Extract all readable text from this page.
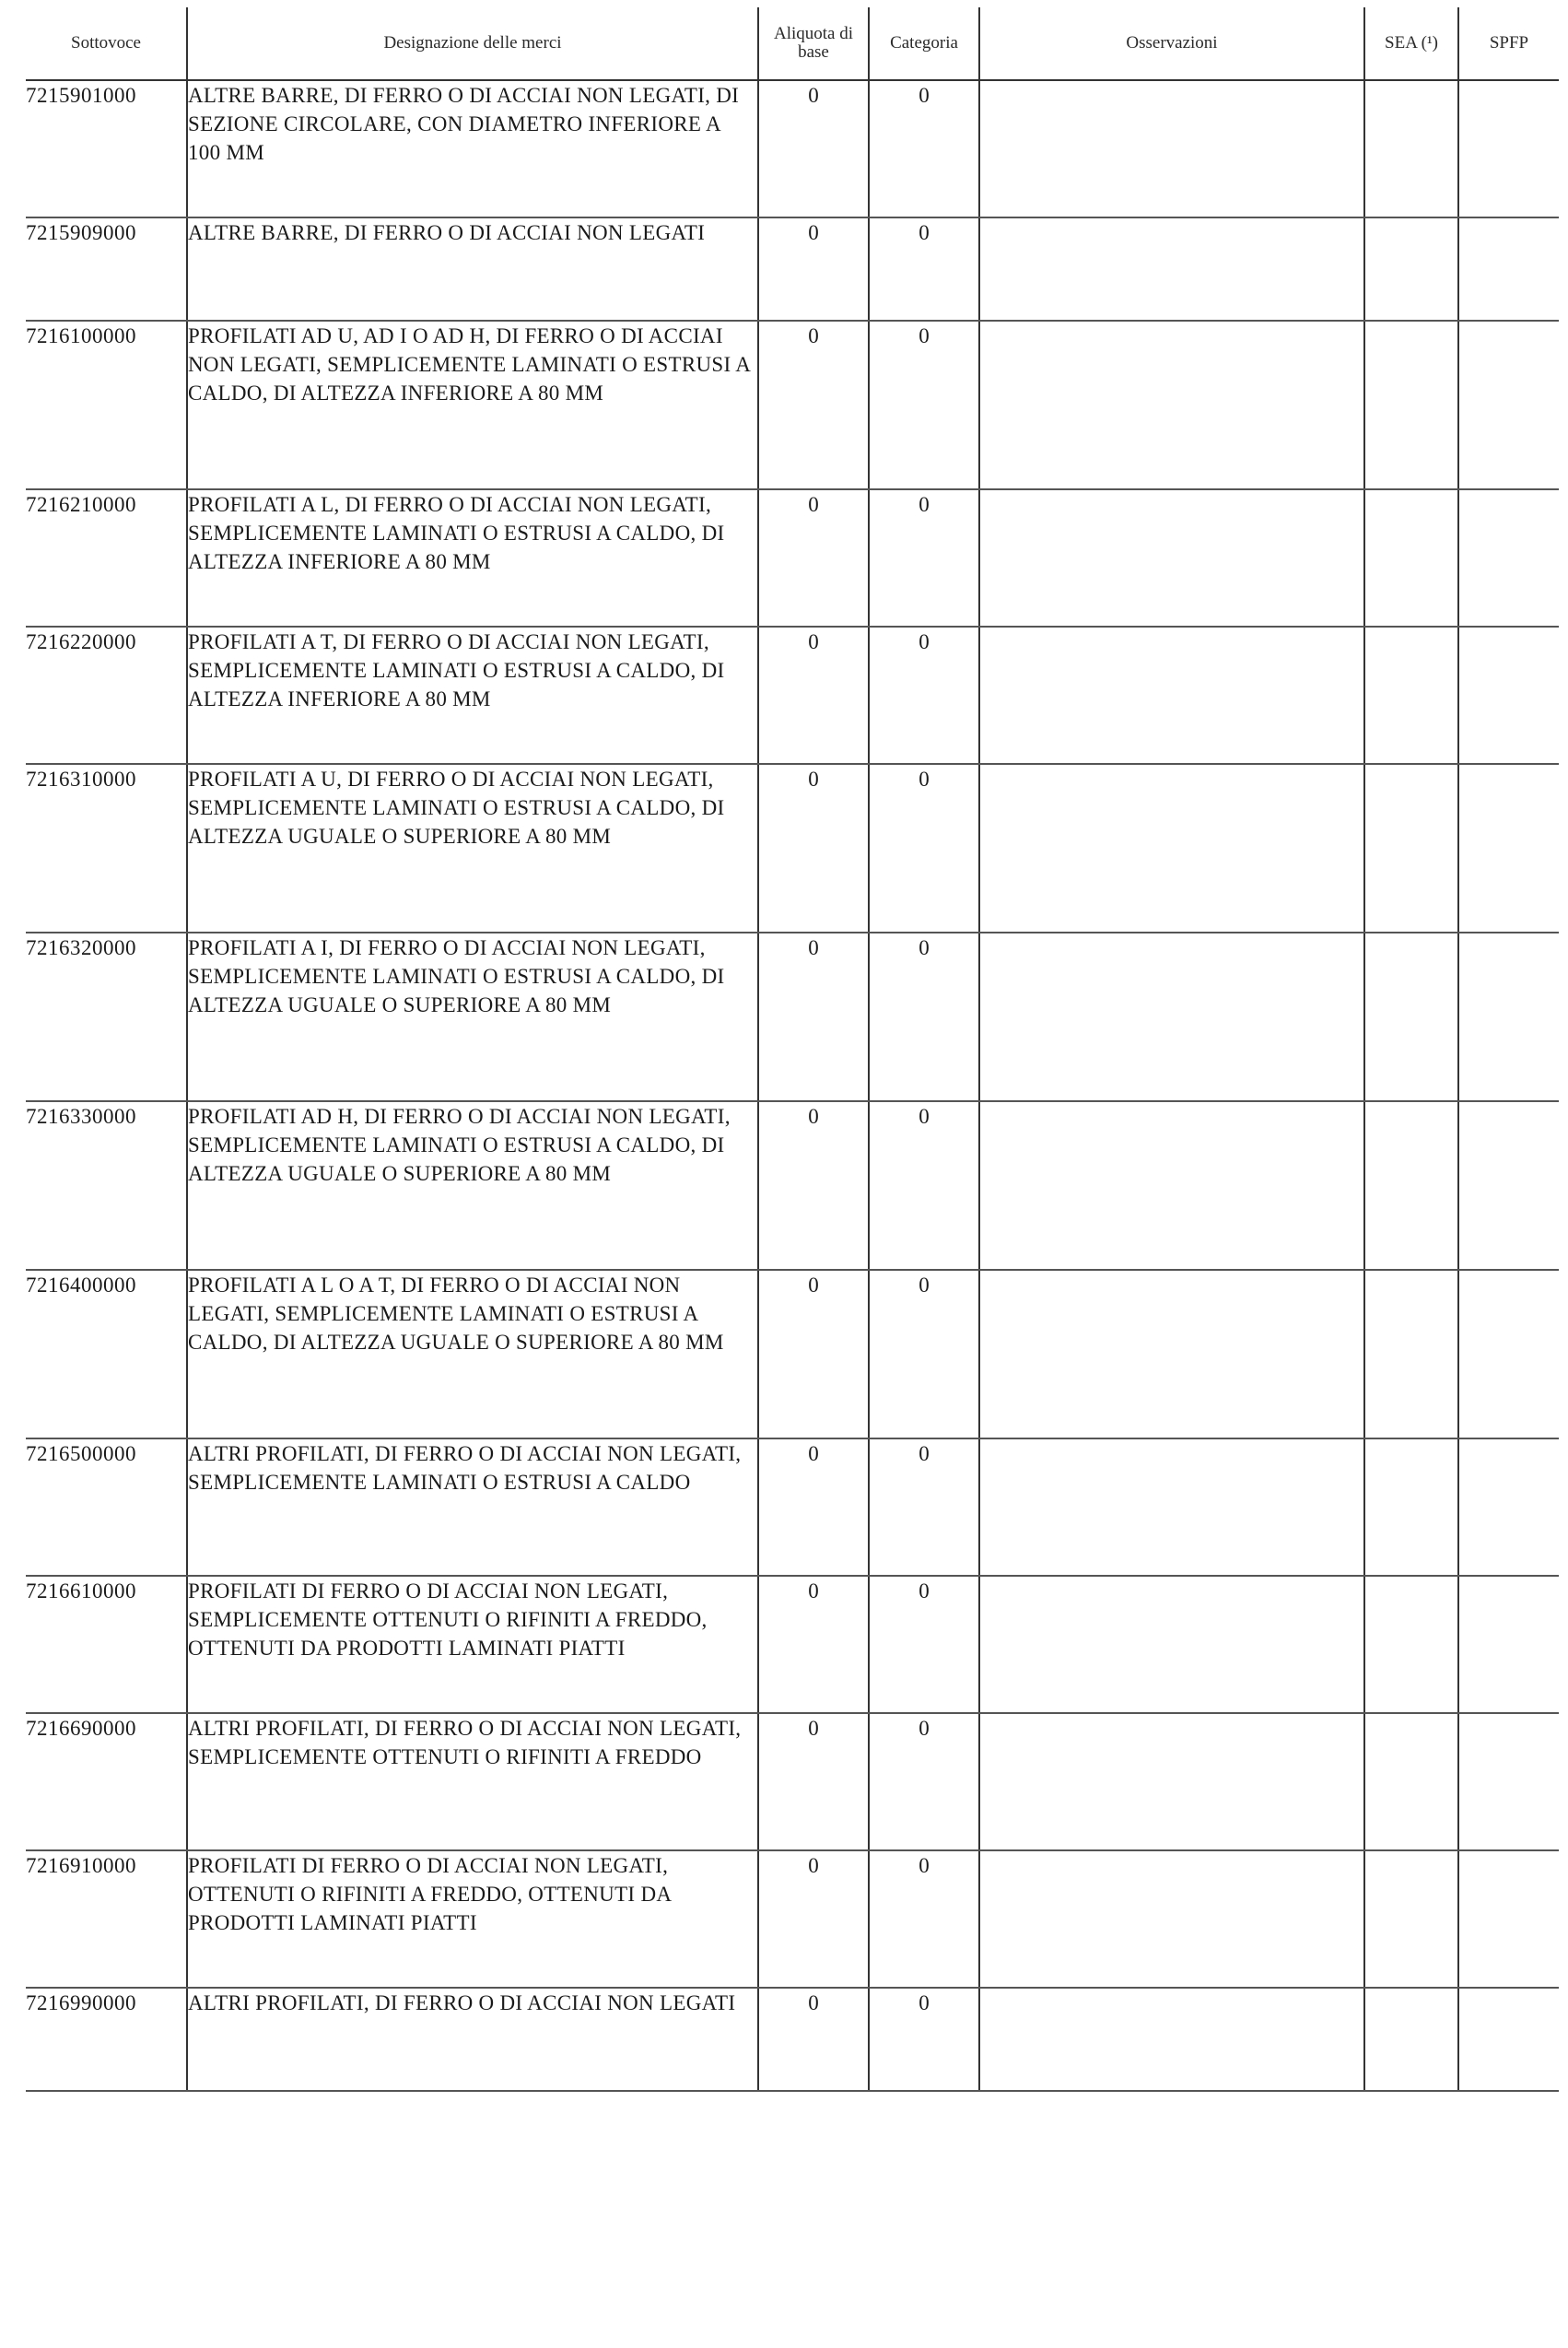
Sottovoce	Designazione delle merci	Aliquota di base	Categoria	Osservazioni	SEA (¹)	SPFP
7215901000	ALTRE BARRE, DI FERRO O DI ACCIAI NON LEGATI, DI SEZIONE CIRCOLARE, CON DIAMETRO INFERIORE A 100 MM	0	0			
7215909000	ALTRE BARRE, DI FERRO O DI ACCIAI NON LEGATI	0	0			
7216100000	PROFILATI AD U, AD I O AD H, DI FERRO O DI ACCIAI NON LEGATI, SEMPLICEMENTE LAMINATI O ESTRUSI A CALDO, DI ALTEZZA INFERIORE A 80 MM	0	0			
7216210000	PROFILATI A L, DI FERRO O DI ACCIAI NON LEGATI, SEMPLICEMENTE LAMINATI O ESTRUSI A CALDO, DI ALTEZZA INFERIORE A 80 MM	0	0			
7216220000	PROFILATI A T, DI FERRO O DI ACCIAI NON LEGATI, SEMPLICEMENTE LAMINATI O ESTRUSI A CALDO, DI ALTEZZA INFERIORE A 80 MM	0	0			
7216310000	PROFILATI A U, DI FERRO O DI ACCIAI NON LEGATI, SEMPLICEMENTE LAMINATI O ESTRUSI A CALDO, DI ALTEZZA UGUALE O SUPERIORE A 80 MM	0	0			
7216320000	PROFILATI A I, DI FERRO O DI ACCIAI NON LEGATI, SEMPLICEMENTE LAMINATI O ESTRUSI A CALDO, DI ALTEZZA UGUALE O SUPERIORE A 80 MM	0	0			
7216330000	PROFILATI AD H, DI FERRO O DI ACCIAI NON LEGATI, SEMPLICEMENTE LAMINATI O ESTRUSI A CALDO, DI ALTEZZA UGUALE O SUPERIORE A 80 MM	0	0			
7216400000	PROFILATI A L O A T, DI FERRO O DI ACCIAI NON LEGATI, SEMPLICEMENTE LAMINATI O ESTRUSI A CALDO, DI ALTEZZA UGUALE O SUPERIORE A 80 MM	0	0			
7216500000	ALTRI PROFILATI, DI FERRO O DI ACCIAI NON LEGATI, SEMPLICEMENTE LAMINATI O ESTRUSI A CALDO	0	0			
7216610000	PROFILATI DI FERRO O DI ACCIAI NON LEGATI, SEMPLICEMENTE OTTENUTI O RIFINITI A FREDDO, OTTENUTI DA PRODOTTI LAMINATI PIATTI	0	0			
7216690000	ALTRI PROFILATI, DI FERRO O DI ACCIAI NON LEGATI, SEMPLICEMENTE OTTENUTI O RIFINITI A FREDDO	0	0			
7216910000	PROFILATI DI FERRO O DI ACCIAI NON LEGATI, OTTENUTI O RIFINITI A FREDDO, OTTENUTI DA PRODOTTI LAMINATI PIATTI	0	0			
7216990000	ALTRI PROFILATI, DI FERRO O DI ACCIAI NON LEGATI	0	0			
